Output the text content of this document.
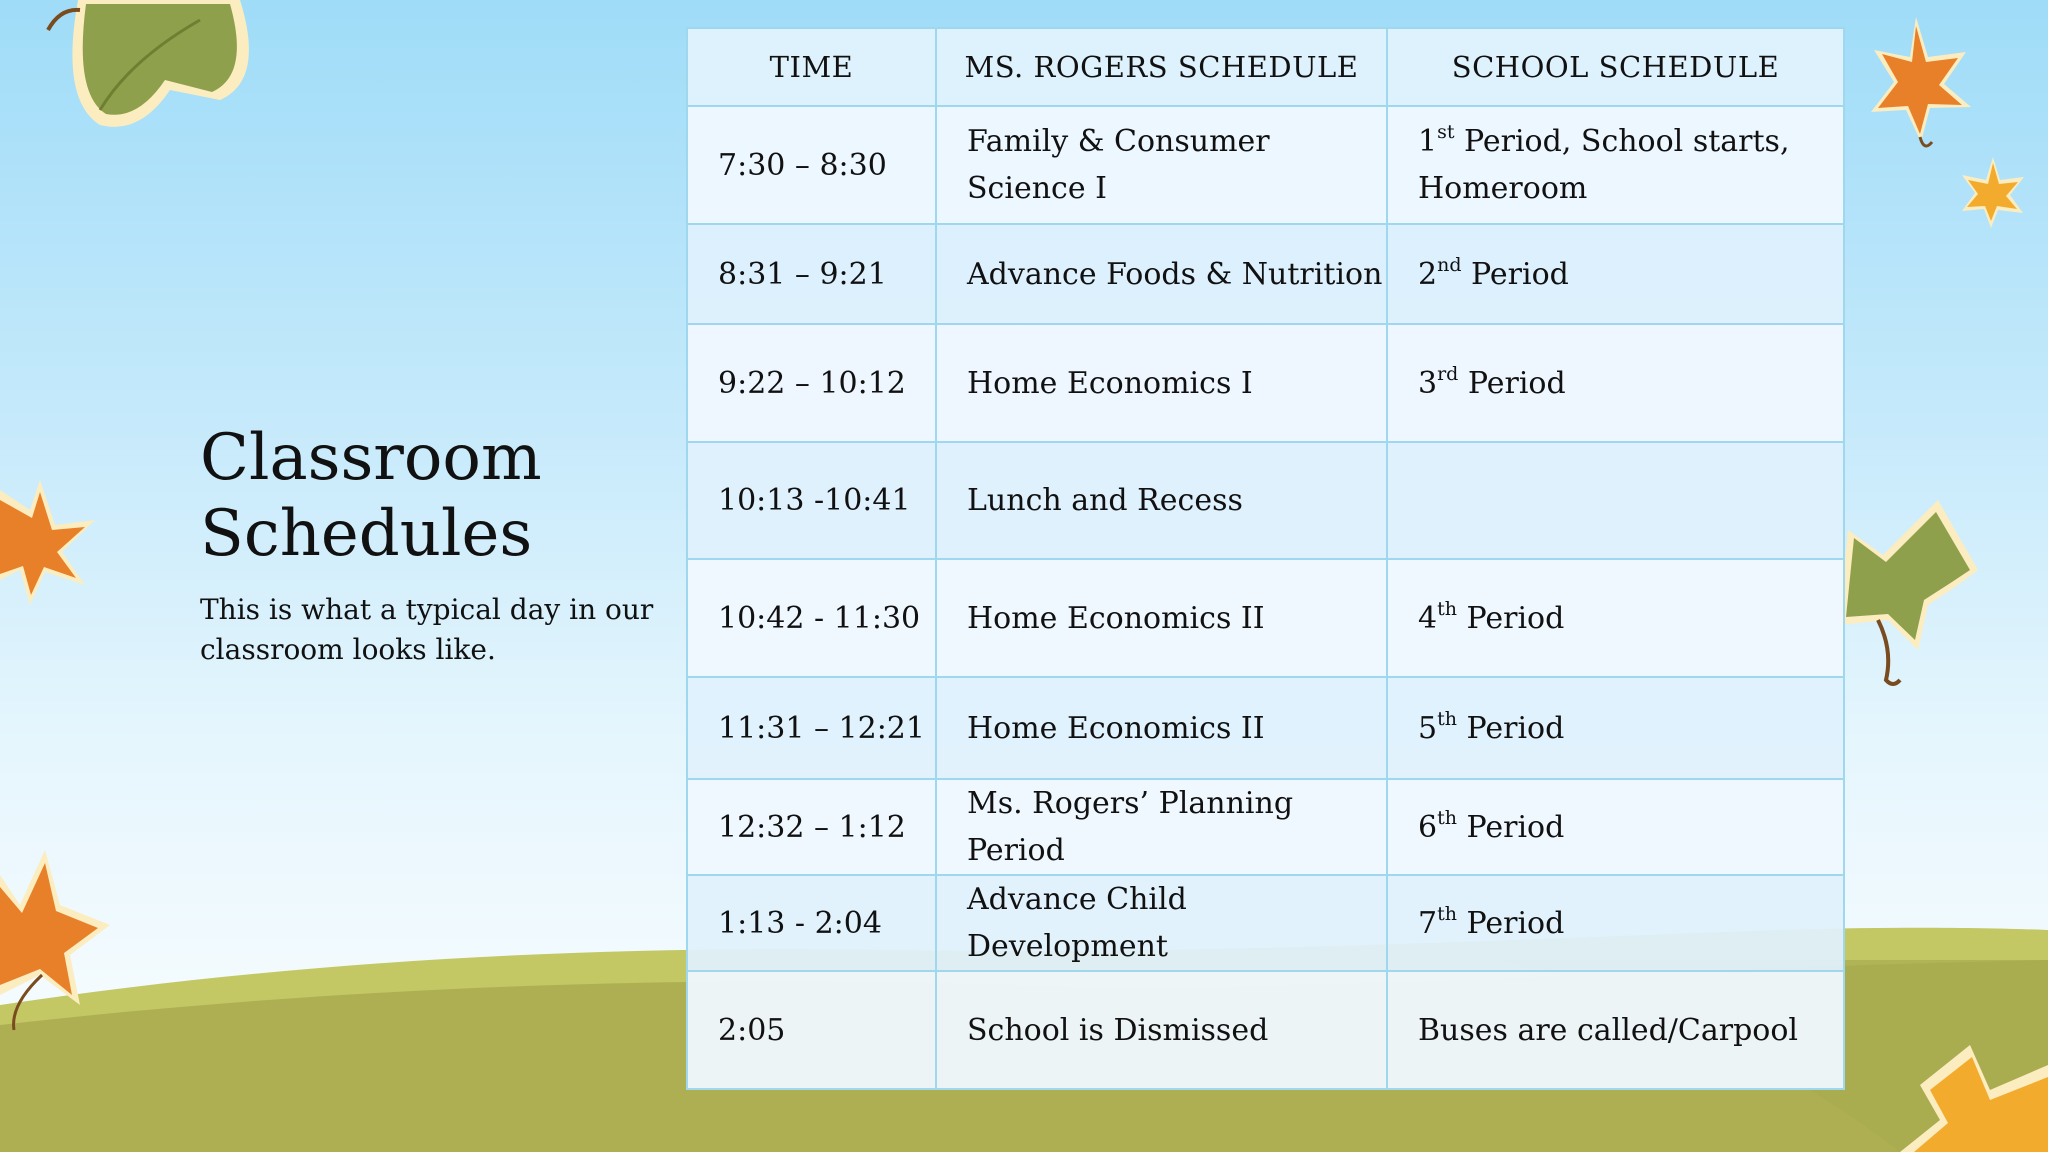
Classroom Schedules

This is what a typical day in our classroom looks like.

TIME	MS. ROGERS SCHEDULE	SCHOOL SCHEDULE
7:30 – 8:30	Family & Consumer Science I	1st Period, School starts, Homeroom
8:31 – 9:21	Advance Foods & Nutrition	2nd Period
9:22 – 10:12	Home Economics I	3rd Period
10:13 -10:41	Lunch and Recess	
10:42 - 11:30	Home Economics II	4th Period
11:31 – 12:21	Home Economics II	5th Period
12:32 – 1:12	Ms. Rogers’ Planning Period	6th Period
1:13 - 2:04	Advance Child Development	7th Period
2:05	School is Dismissed	Buses are called/Carpool
